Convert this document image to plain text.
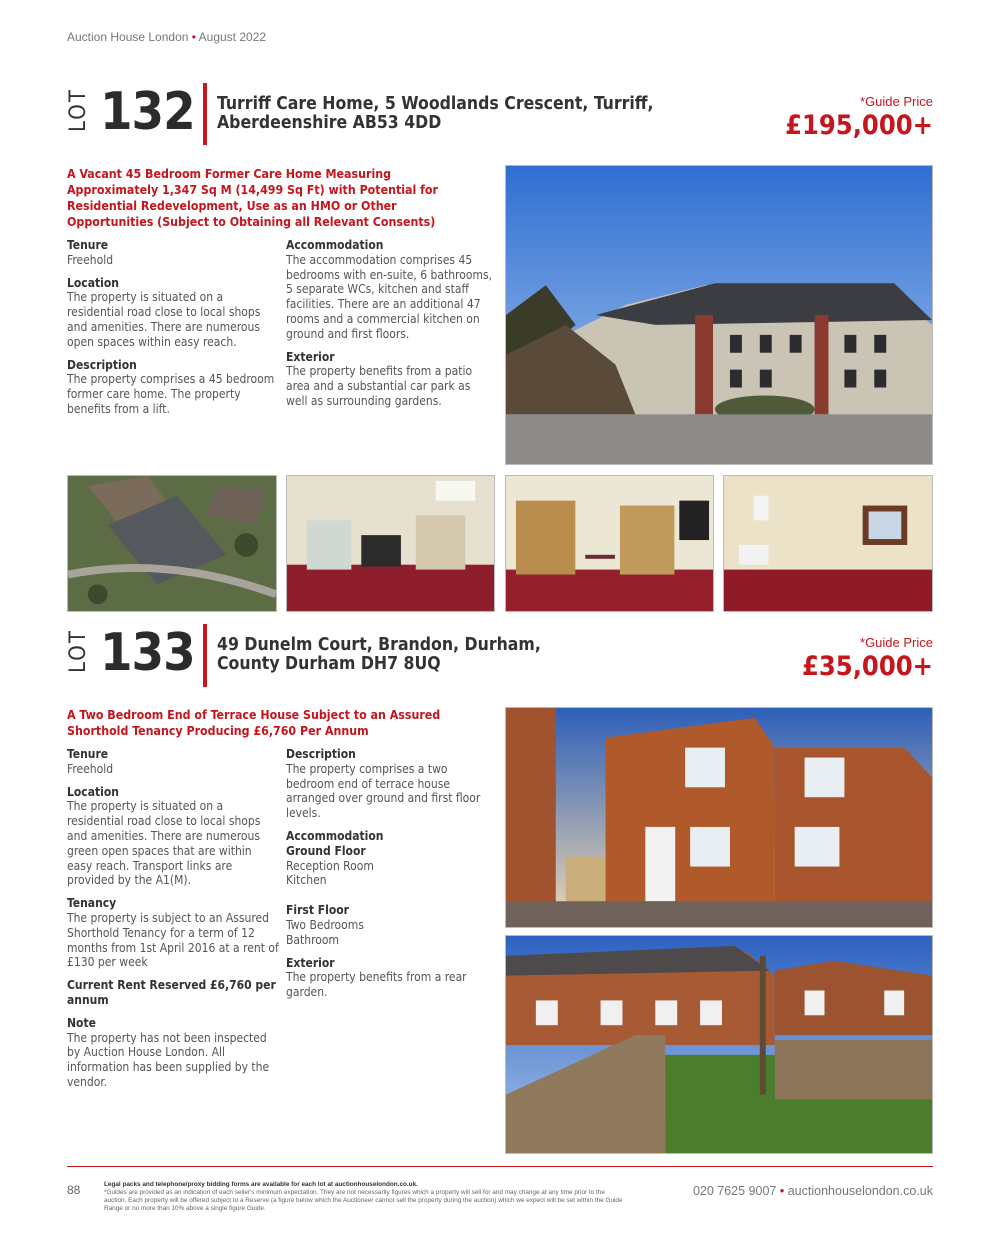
Auction House London • August 2022
LOT 132 Turriff Care Home, 5 Woodlands Crescent, Turriff,
Aberdeenshire AB53 4DD
*Guide Price
£195,000+
A Vacant 45 Bedroom Former Care Home Measuring
Approximately 1,347 Sq M (14,499 Sq Ft) with Potential for
Residential Redevelopment, Use as an HMO or Other
Opportunities (Subject to Obtaining all Relevant Consents)
Tenure

Freehold

Location

The property is situated on a residential road close to local shops and amenities. There are numerous open spaces within easy reach.

Description

The property comprises a 45 bedroom former care home. The property benefits from a lift.

Accommodation

The accommodation comprises 45 bedrooms with en-suite, 6 bathrooms, 5 separate WCs, kitchen and staff facilities. There are an additional 47 rooms and a commercial kitchen on ground and first floors.

Exterior

The property benefits from a patio area and a substantial car park as well as surrounding gardens.

LOT 133 49 Dunelm Court, Brandon, Durham,
County Durham DH7 8UQ
*Guide Price
£35,000+
A Two Bedroom End of Terrace House Subject to an Assured
Shorthold Tenancy Producing £6,760 Per Annum
Tenure

Freehold

Location

The property is situated on a residential road close to local shops and amenities. There are numerous green open spaces that are within easy reach. Transport links are provided by the A1(M).

Tenancy

The property is subject to an Assured Shorthold Tenancy for a term of 12 months from 1st April 2016 at a rent of £130 per week

Current Rent Reserved £6,760 per annum
Note

The property has not been inspected by Auction House London. All information has been supplied by the vendor.

Description

The property comprises a two bedroom end of terrace house arranged over ground and first floor levels.

Accommodation
Ground Floor
Reception Room
Kitchen
First Floor
Two Bedrooms
Bathroom
Exterior

The property benefits from a rear garden.

88	Legal packs and telephone/proxy bidding forms are available for each lot at auctionhouselondon.co.uk.
*Guides are provided as an indication of each seller's minimum expectation. They are not necessarily figures which a property will sell for and may change at any time prior to the auction. Each property will be offered subject to a Reserve (a figure below which the Auctioneer cannot sell the property during the auction) which we expect will be set within the Guide Range or no more than 10% above a single figure Guide.
020 7625 9007 • auctionhouselondon.co.uk
